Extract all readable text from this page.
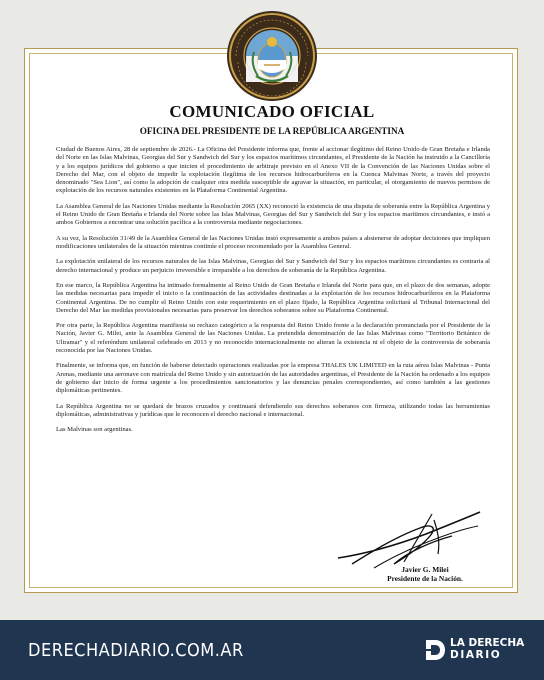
COMUNICADO OFICIAL
OFICINA DEL PRESIDENTE DE LA REPÚBLICA ARGENTINA

Ciudad de Buenos Aires, 28 de septiembre de 2026.- La Oficina del Presidente informa que, frente al accionar ilegítimo del Reino Unido de Gran Bretaña e Irlanda del Norte en las Islas Malvinas, Georgias del Sur y Sandwich del Sur y los espacios marítimos circundantes, el Presidente de la Nación ha instruido a la Cancillería y a los equipos jurídicos del gobierno a que inicien el procedimiento de arbitraje previsto en el Anexo VII de la Convención de las Naciones Unidas sobre el Derecho del Mar, con el objeto de impedir la explotación ilegítima de los recursos hidrocarburíferos en la Cuenca Malvinas Norte, a través del proyecto denominado "Sea Lion", así como la adopción de cualquier otra medida susceptible de agravar la situación, en particular, el otorgamiento de nuevos permisos de explotación de los recursos naturales existentes en la Plataforma Continental Argentina.

La Asamblea General de las Naciones Unidas mediante la Resolución 2065 (XX) reconoció la existencia de una disputa de soberanía entre la República Argentina y el Reino Unido de Gran Bretaña e Irlanda del Norte sobre las Islas Malvinas, Georgias del Sur y Sandwich del Sur y los espacios marítimos circundantes, e instó a ambos Gobiernos a encontrar una solución pacífica a la controversia mediante negociaciones.

A su vez, la Resolución 31/49 de la Asamblea General de las Naciones Unidas instó expresamente a ambos países a abstenerse de adoptar decisiones que impliquen modificaciones unilaterales de la situación mientras continúe el proceso recomendado por la Asamblea General.

La explotación unilateral de los recursos naturales de las Islas Malvinas, Georgias del Sur y Sandwich del Sur y los espacios marítimos circundantes es contraria al derecho internacional y produce un perjuicio irreversible e irreparable a los derechos de soberanía de la República Argentina.

En ese marco, la República Argentina ha intimado formalmente al Reino Unido de Gran Bretaña e Irlanda del Norte para que, en el plazo de dos semanas, adopte las medidas necesarias para impedir el inicio o la continuación de las actividades destinadas a la explotación de los recursos hidrocarburíferos en la Plataforma Continental Argentina. De no cumplir el Reino Unido con este requerimiento en el plazo fijado, la República Argentina solicitará al Tribunal Internacional del Derecho del Mar las medidas provisionales necesarias para preservar los derechos soberanos sobre su Plataforma Continental.

Por otra parte, la República Argentina manifiesta su rechazo categórico a la respuesta del Reino Unido frente a la declaración pronunciada por el Presidente de la Nación, Javier G. Milei, ante la Asamblea General de las Naciones Unidas. La pretendida denominación de las Islas Malvinas como "Territorio Británico de Ultramar" y el referéndum unilateral celebrado en 2013 y no reconocido internacionalmente no alteran la existencia ni el objeto de la controversia de soberanía reconocida por las Naciones Unidas.

Finalmente, se informa que, en función de haberse detectado operaciones realizadas por la empresa THALES UK LIMITED en la ruta aérea Islas Malvinas - Punta Arenas, mediante una aeronave con matrícula del Reino Unido y sin autorización de las autoridades argentinas, el Presidente de la Nación ha ordenado a los equipos de gobierno dar inicio de forma urgente a los procedimientos sancionatorios y las denuncias penales correspondientes, así como también a las gestiones diplomáticas pertinentes.

La República Argentina no se quedará de brazos cruzados y continuará defendiendo sus derechos soberanos con firmeza, utilizando todas las herramientas diplomáticas, administrativas y jurídicas que le reconocen el derecho nacional e internacional.

Las Malvinas son argentinas.

Javier G. Milei
Presidente de la Nación.
DERECHADIARIO.COM.AR	LA DERECHA
DIARIO
